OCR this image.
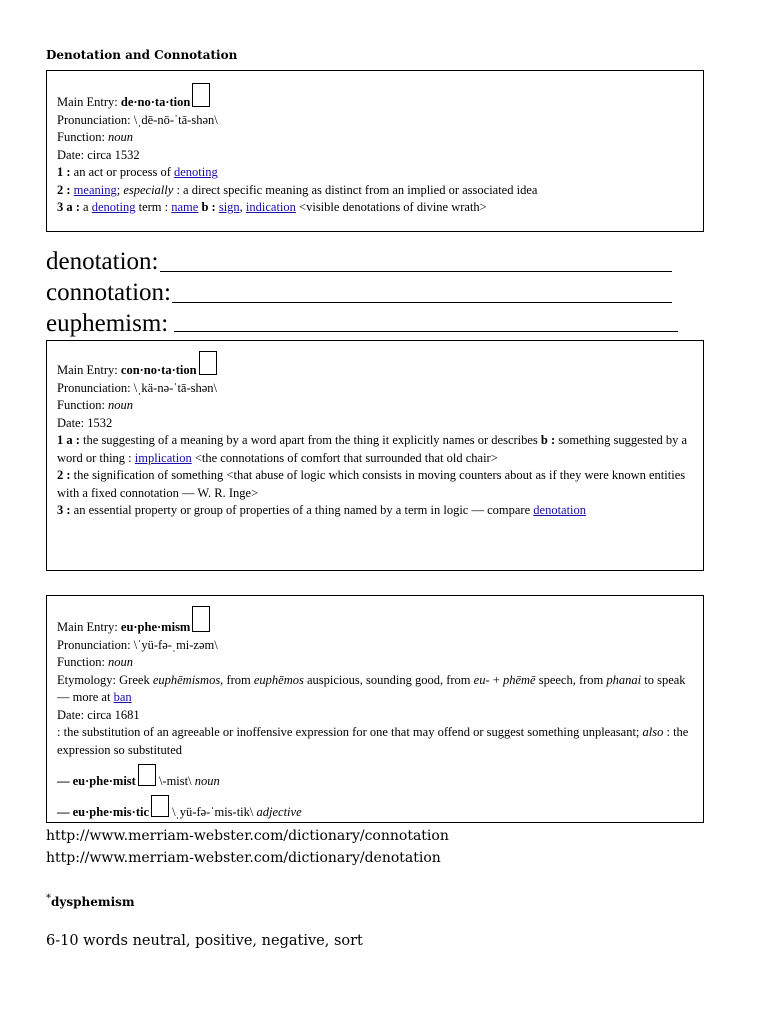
Denotation and Connotation
Main Entry: de·no·ta·tion
Pronunciation: \ˌdē-nō-ˈtā-shən\
Function: noun
Date: circa 1532
1 : an act or process of denoting
2 : meaning; especially : a direct specific meaning as distinct from an implied or associated idea
3 a : a denoting term : name b : sign, indication <visible denotations of divine wrath>
denotation:
connotation:
euphemism:
Main Entry: con·no·ta·tion
Pronunciation: \ˌkä-nə-ˈtā-shən\
Function: noun
Date: 1532
1 a : the suggesting of a meaning by a word apart from the thing it explicitly names or describes b : something suggested by a word or thing : implication <the connotations of comfort that surrounded that old chair>
2 : the signification of something <that abuse of logic which consists in moving counters about as if they were known entities with a fixed connotation — W. R. Inge>
3 : an essential property or group of properties of a thing named by a term in logic — compare denotation
Main Entry: eu·phe·mism
Pronunciation: \ˈyü-fə-ˌmi-zəm\
Function: noun
Etymology: Greek euphēmismos, from euphēmos auspicious, sounding good, from eu- + phēmē speech, from phanai to speak — more at ban
Date: circa 1681
: the substitution of an agreeable or inoffensive expression for one that may offend or suggest something unpleasant; also : the expression so substituted
— eu·phe·mist \-mist\ noun
— eu·phe·mis·tic \ˌyü-fə-ˈmis-tik\ adjective
http://www.merriam-webster.com/dictionary/connotation
http://www.merriam-webster.com/dictionary/denotation
*dysphemism
6-10 words neutral, positive, negative, sort
